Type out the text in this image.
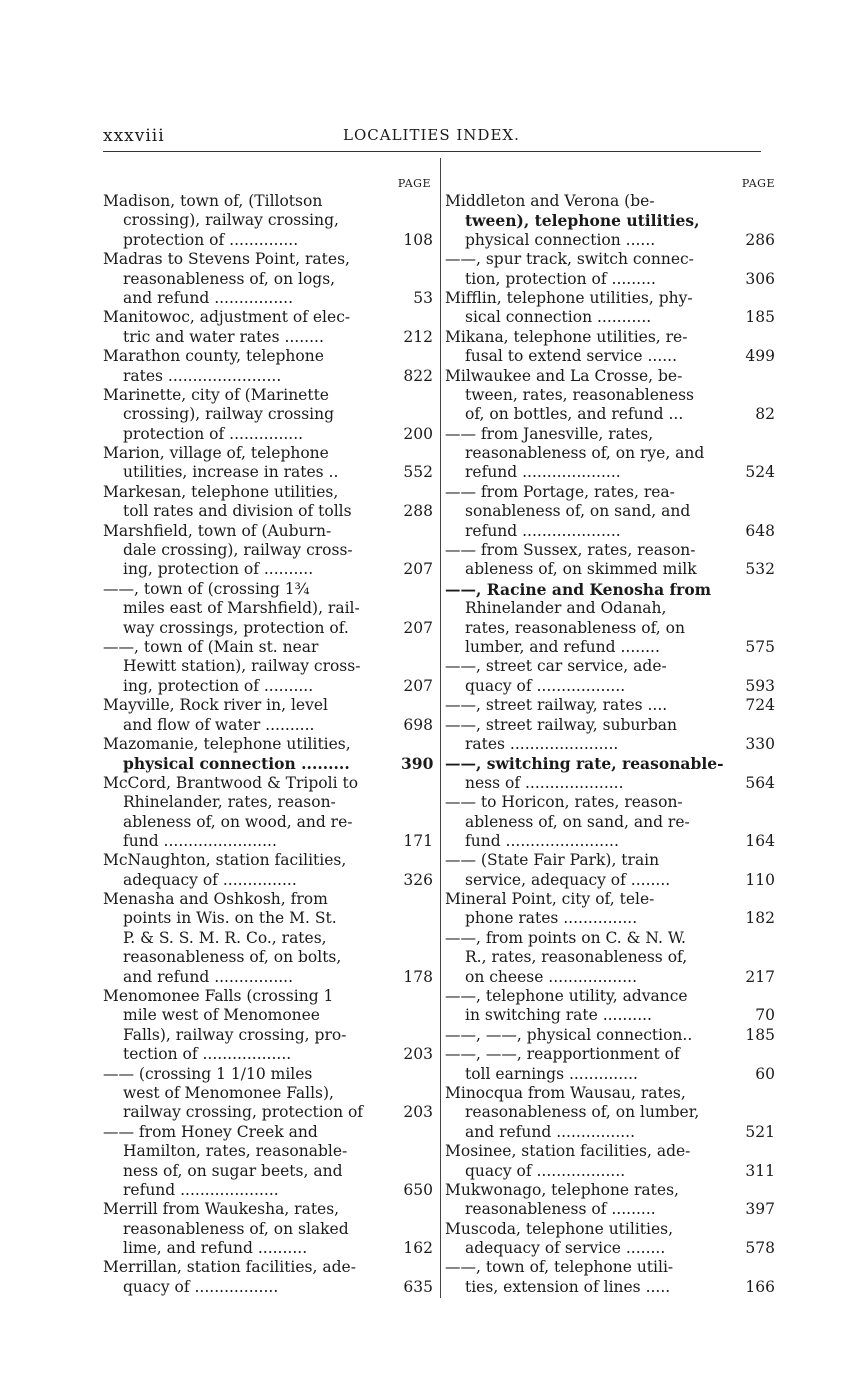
xxxviii	LOCALITIES INDEX.
PAGE
Madison, town of, (Tillotson
crossing), railway crossing,
protection of ..............	108
Madras to Stevens Point, rates,
reasonableness of, on logs,
and refund ................	53
Manitowoc, adjustment of elec-
tric and water rates ........	212
Marathon county, telephone
rates .......................	822
Marinette, city of (Marinette
crossing), railway crossing
protection of ...............	200
Marion, village of, telephone
utilities, increase in rates ..	552
Markesan, telephone utilities,
toll rates and division of tolls	288
Marshfield, town of (Auburn-
dale crossing), railway cross-
ing, protection of ..........	207
——, town of (crossing 1¾
miles east of Marshfield), rail-
way crossings, protection of.	207
——, town of (Main st. near
Hewitt station), railway cross-
ing, protection of ..........	207
Mayville, Rock river in, level
and flow of water ..........	698
Mazomanie, telephone utilities,
physical connection .........	390
McCord, Brantwood & Tripoli to
Rhinelander, rates, reason-
ableness of, on wood, and re-
fund .......................	171
McNaughton, station facilities,
adequacy of ...............	326
Menasha and Oshkosh, from
points in Wis. on the M. St.
P. & S. S. M. R. Co., rates,
reasonableness of, on bolts,
and refund ................	178
Menomonee Falls (crossing 1
mile west of Menomonee
Falls), railway crossing, pro-
tection of ..................	203
—— (crossing 1 1/10 miles
west of Menomonee Falls),
railway crossing, protection of	203
—— from Honey Creek and
Hamilton, rates, reasonable-
ness of, on sugar beets, and
refund ....................	650
Merrill from Waukesha, rates,
reasonableness of, on slaked
lime, and refund ..........	162
Merrillan, station facilities, ade-
quacy of .................	635
PAGE
Middleton and Verona (be-
tween), telephone utilities,
physical connection ......	286
——, spur track, switch connec-
tion, protection of .........	306
Mifflin, telephone utilities, phy-
sical connection ...........	185
Mikana, telephone utilities, re-
fusal to extend service ......	499
Milwaukee and La Crosse, be-
tween, rates, reasonableness
of, on bottles, and refund ...	82
—— from Janesville, rates,
reasonableness of, on rye, and
refund ....................	524
—— from Portage, rates, rea-
sonableness of, on sand, and
refund ....................	648
—— from Sussex, rates, reason-
ableness of, on skimmed milk	532
——, Racine and Kenosha from
Rhinelander and Odanah,
rates, reasonableness of, on
lumber, and refund ........	575
——, street car service, ade-
quacy of ..................	593
——, street railway, rates ....	724
——, street railway, suburban
rates ......................	330
——, switching rate, reasonable-
ness of ....................	564
—— to Horicon, rates, reason-
ableness of, on sand, and re-
fund .......................	164
—— (State Fair Park), train
service, adequacy of ........	110
Mineral Point, city of, tele-
phone rates ...............	182
——, from points on C. & N. W.
R., rates, reasonableness of,
on cheese ..................	217
——, telephone utility, advance
in switching rate ..........	70
——, ——, physical connection..	185
——, ——, reapportionment of
toll earnings ..............	60
Minocqua from Wausau, rates,
reasonableness of, on lumber,
and refund ................	521
Mosinee, station facilities, ade-
quacy of ..................	311
Mukwonago, telephone rates,
reasonableness of .........	397
Muscoda, telephone utilities,
adequacy of service ........	578
——, town of, telephone utili-
ties, extension of lines .....	166
